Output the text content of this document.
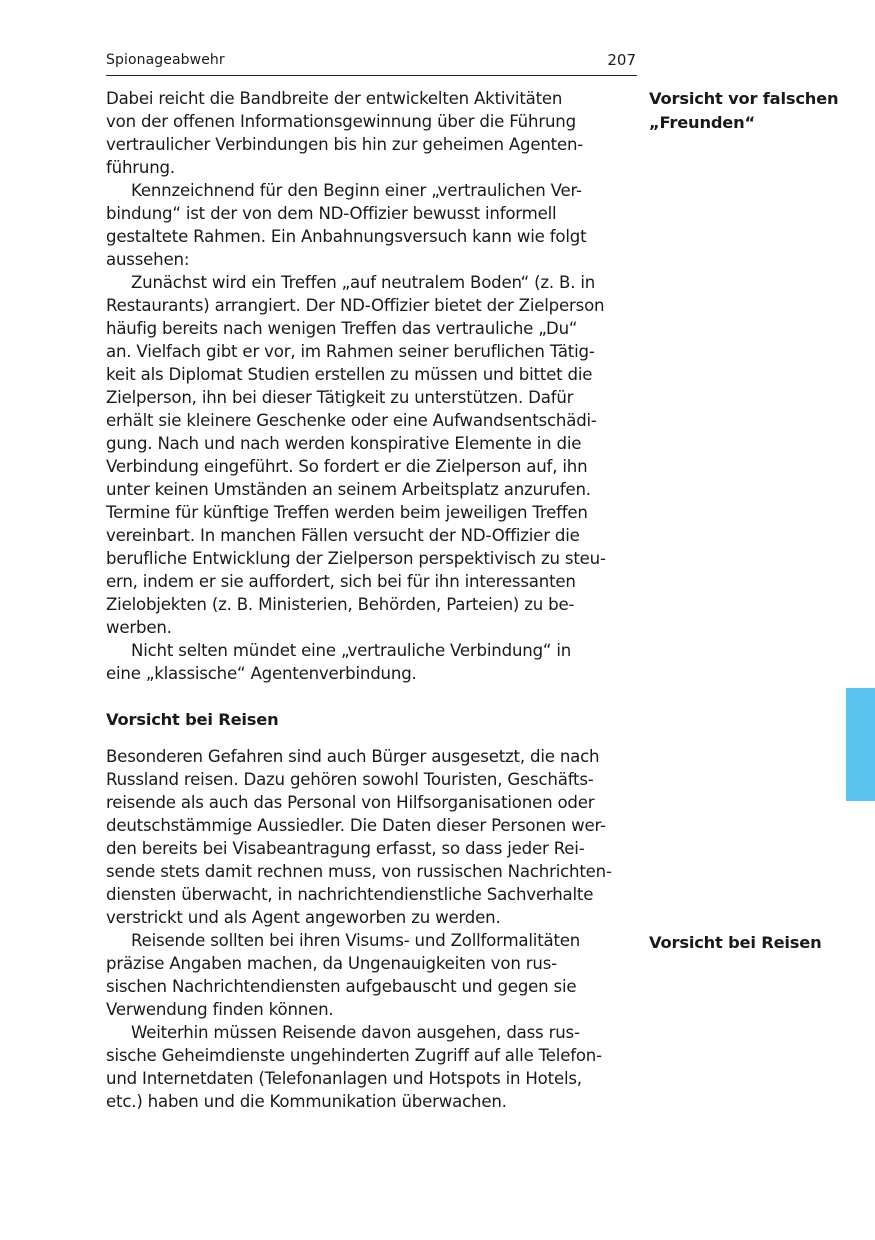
Spionageabwehr	207
Dabei reicht die Bandbreite der entwickelten Aktivitäten
von der offenen Informationsgewinnung über die Führung
vertraulicher Verbindungen bis hin zur geheimen Agenten-
führung.
Kennzeichnend für den Beginn einer „vertraulichen Ver-
bindung“ ist der von dem ND-Offizier bewusst informell
gestaltete Rahmen. Ein Anbahnungsversuch kann wie folgt
aussehen:
Zunächst wird ein Treffen „auf neutralem Boden“ (z. B. in
Restaurants) arrangiert. Der ND-Offizier bietet der Zielperson
häufig bereits nach wenigen Treffen das vertrauliche „Du“
an. Vielfach gibt er vor, im Rahmen seiner beruflichen Tätig-
keit als Diplomat Studien erstellen zu müssen und bittet die
Zielperson, ihn bei dieser Tätigkeit zu unterstützen. Dafür
erhält sie kleinere Geschenke oder eine Aufwandsentschädi-
gung. Nach und nach werden konspirative Elemente in die
Verbindung eingeführt. So fordert er die Zielperson auf, ihn
unter keinen Umständen an seinem Arbeitsplatz anzurufen.
Termine für künftige Treffen werden beim jeweiligen Treffen
vereinbart. In manchen Fällen versucht der ND-Offizier die
berufliche Entwicklung der Zielperson perspektivisch zu steu-
ern, indem er sie auffordert, sich bei für ihn interessanten
Zielobjekten (z. B. Ministerien, Behörden, Parteien) zu be-
werben.
Nicht selten mündet eine „vertrauliche Verbindung“ in
eine „klassische“ Agentenverbindung.
Vorsicht bei Reisen
Besonderen Gefahren sind auch Bürger ausgesetzt, die nach
Russland reisen. Dazu gehören sowohl Touristen, Geschäfts-
reisende als auch das Personal von Hilfsorganisationen oder
deutschstämmige Aussiedler. Die Daten dieser Personen wer-
den bereits bei Visabeantragung erfasst, so dass jeder Rei-
sende stets damit rechnen muss, von russischen Nachrichten-
diensten überwacht, in nachrichtendienstliche Sachverhalte
verstrickt und als Agent angeworben zu werden.
Reisende sollten bei ihren Visums- und Zollformalitäten
präzise Angaben machen, da Ungenauigkeiten von rus-
sischen Nachrichtendiensten aufgebauscht und gegen sie
Verwendung finden können.
Weiterhin müssen Reisende davon ausgehen, dass rus-
sische Geheimdienste ungehinderten Zugriff auf alle Telefon-
und Internetdaten (Telefonanlagen und Hotspots in Hotels,
etc.) haben und die Kommunikation überwachen.
Vorsicht vor falschen
„Freunden“
Vorsicht bei Reisen
